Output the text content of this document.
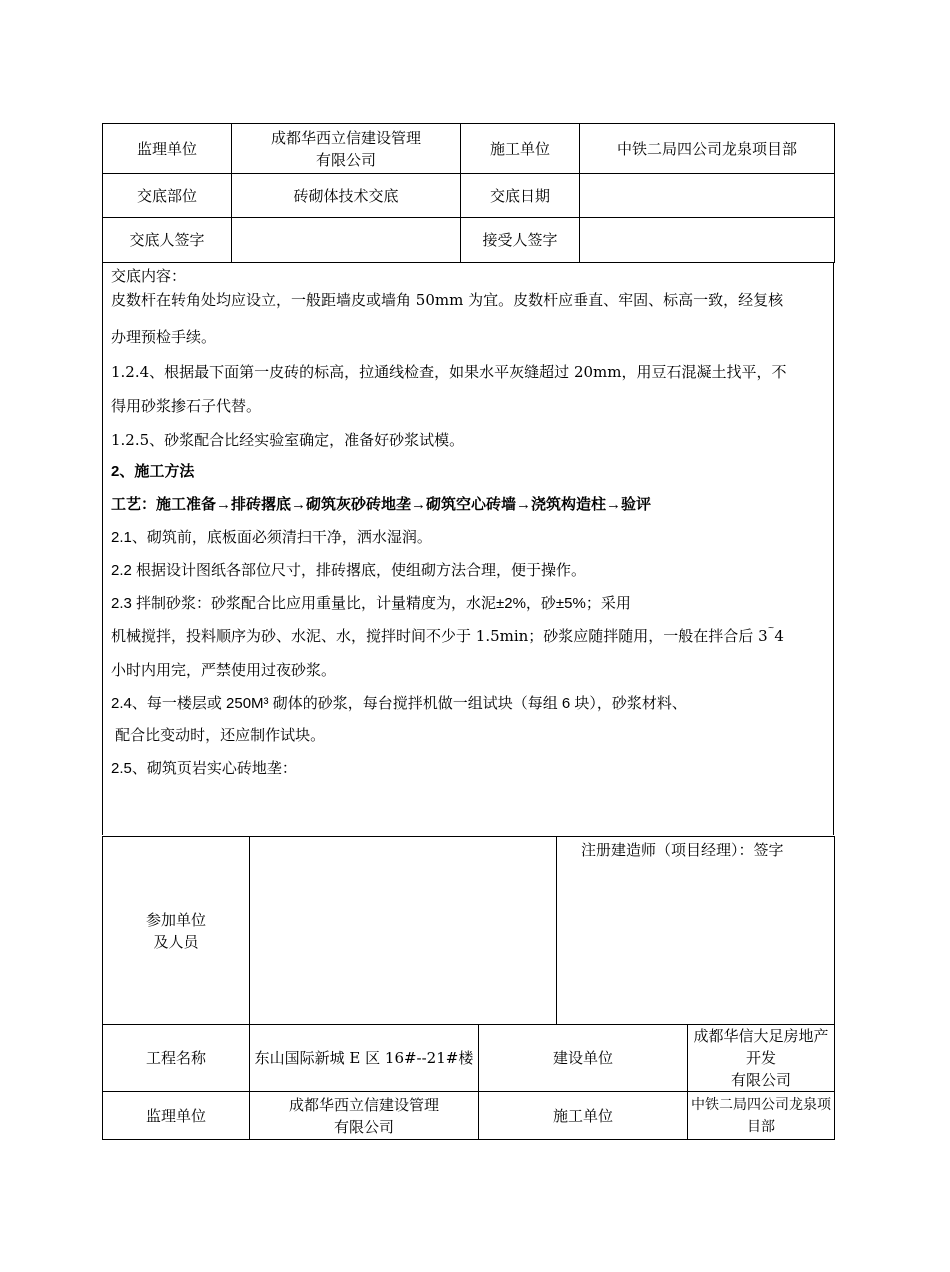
监理单位	成都华西立信建设管理
有限公司	施工单位	中铁二局四公司龙泉项目部
交底部位	砖砌体技术交底	交底日期	
交底人签字		接受人签字	

交底内容：

皮数杆在转角处均应设立，一般距墙皮或墙角 50mm 为宜。皮数杆应垂直、牢固、标高一致，经复核

办理预检手续。

1.2.4、根据最下面第一皮砖的标高，拉通线检查，如果水平灰缝超过 20mm，用豆石混凝土找平，不

得用砂浆掺石子代替。

1.2.5、砂浆配合比经实验室确定，准备好砂浆试模。

2、施工方法

工艺：施工准备→排砖撂底→砌筑灰砂砖地垄→砌筑空心砖墙→浇筑构造柱→验评

2.1、砌筑前，底板面必须清扫干净，洒水湿润。

2.2 根据设计图纸各部位尺寸，排砖撂底，使组砌方法合理，便于操作。

2.3 拌制砂浆：砂浆配合比应用重量比，计量精度为，水泥±2%，砂±5%；采用

机械搅拌，投料顺序为砂、水泥、水，搅拌时间不少于 1.5min；砂浆应随拌随用，一般在拌合后 3~4

小时内用完，严禁使用过夜砂浆。

2.4、每一楼层或 250M³ 砌体的砂浆，每台搅拌机做一组试块（每组 6 块），砂浆材料、

配合比变动时，还应制作试块。

2.5、砌筑页岩实心砖地垄：

参加单位
及人员			注册建造师（项目经理）：签字	
工程名称	东山国际新城 E 区 16#--21#楼	建设单位		成都华信大足房地产开发
有限公司

监理单位	成都华西立信建设管理
有限公司	施工单位		中铁二局四公司龙泉项目部
